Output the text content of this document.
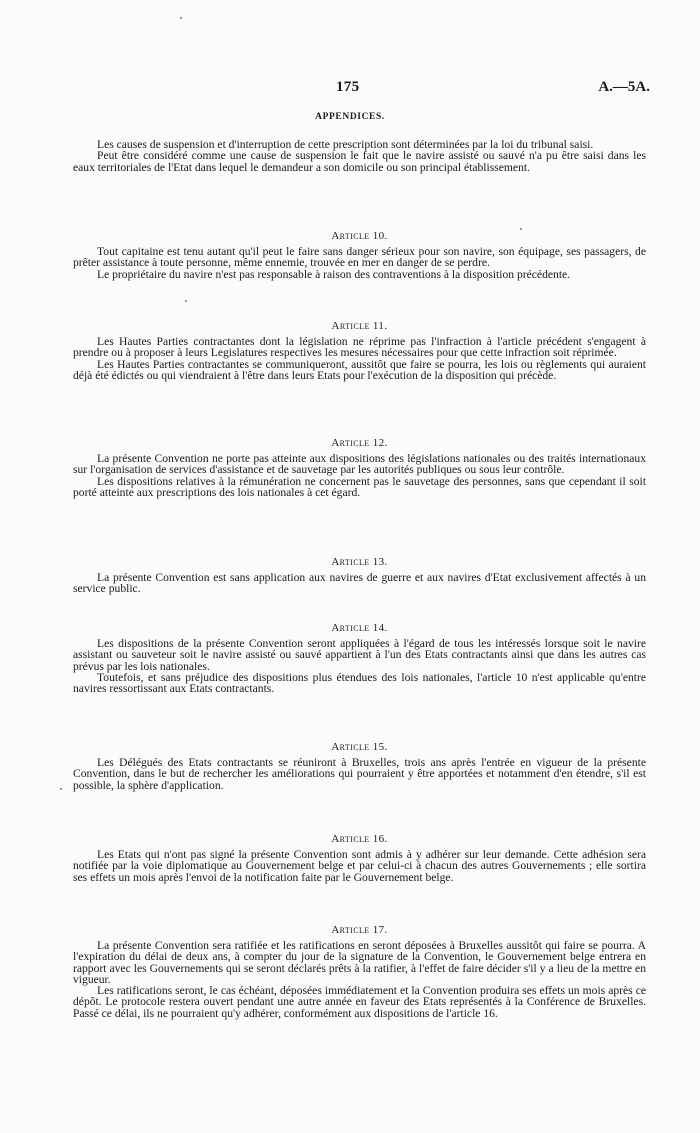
175	A.—5A.
APPENDICES.

Les causes de suspension et d'interruption de cette prescription sont déterminées par la loi du tribunal saisi.

Peut être considéré comme une cause de suspension le fait que le navire assisté ou sauvé n'a pu être saisi dans les eaux territoriales de l'Etat dans lequel le demandeur a son domicile ou son principal établissement.

Article 10.

Tout capitaine est tenu autant qu'il peut le faire sans danger sérieux pour son navire, son équipage, ses passagers, de prêter assistance à toute personne, même ennemie, trouvée en mer en danger de se perdre.

Le propriétaire du navire n'est pas responsable à raison des contraventions à la disposition précédente.

Article 11.

Les Hautes Parties contractantes dont la législation ne réprime pas l'infraction à l'article précédent s'engagent à prendre ou à proposer à leurs Legislatures respectives les mesures nécessaires pour que cette infraction soit réprimée.

Les Hautes Parties contractantes se communiqueront, aussitôt que faire se pourra, les lois ou règlements qui auraient déjà été édictés ou qui viendraient à l'être dans leurs Etats pour l'exécution de la disposition qui précède.

Article 12.

La présente Convention ne porte pas atteinte aux dispositions des législations nationales ou des traités internationaux sur l'organisation de services d'assistance et de sauvetage par les autorités publiques ou sous leur contrôle.

Les dispositions relatives à la rémunération ne concernent pas le sauvetage des personnes, sans que cependant il soit porté atteinte aux prescriptions des lois nationales à cet égard.

Article 13.

La présente Convention est sans application aux navires de guerre et aux navires d'Etat exclusivement affectés à un service public.

Article 14.

Les dispositions de la présente Convention seront appliquées à l'égard de tous les intéressés lorsque soit le navire assistant ou sauveteur soit le navire assisté ou sauvé appartient à l'un des Etats contractants ainsi que dans les autres cas prévus par les lois nationales.

Toutefois, et sans préjudice des dispositions plus étendues des lois nationales, l'article 10 n'est applicable qu'entre navires ressortissant aux Etats contractants.

Article 15.

Les Délégués des Etats contractants se réuniront à Bruxelles, trois ans après l'entrée en vigueur de la présente Convention, dans le but de rechercher les améliorations qui pourraient y être apportées et notamment d'en étendre, s'il est possible, la sphère d'application.

Article 16.

Les Etats qui n'ont pas signé la présente Convention sont admis à y adhérer sur leur demande. Cette adhésion sera notifiée par la voie diplomatique au Gouvernement belge et par celui-ci à chacun des autres Gouvernements ; elle sortira ses effets un mois après l'envoi de la notification faite par le Gouvernement belge.

Article 17.

La présente Convention sera ratifiée et les ratifications en seront déposées à Bruxelles aussitôt qui faire se pourra. A l'expiration du délai de deux ans, à compter du jour de la signature de la Convention, le Gouvernement belge entrera en rapport avec les Gouvernements qui se seront déclarés prêts à la ratifier, à l'effet de faire décider s'il y a lieu de la mettre en vigueur.

Les ratifications seront, le cas échéant, déposées immédiatement et la Convention produira ses effets un mois après ce dépôt. Le protocole restera ouvert pendant une autre année en faveur des Etats représentés à la Conférence de Bruxelles. Passé ce délai, ils ne pourraient qu'y adhérer, conformément aux dispositions de l'article 16.
